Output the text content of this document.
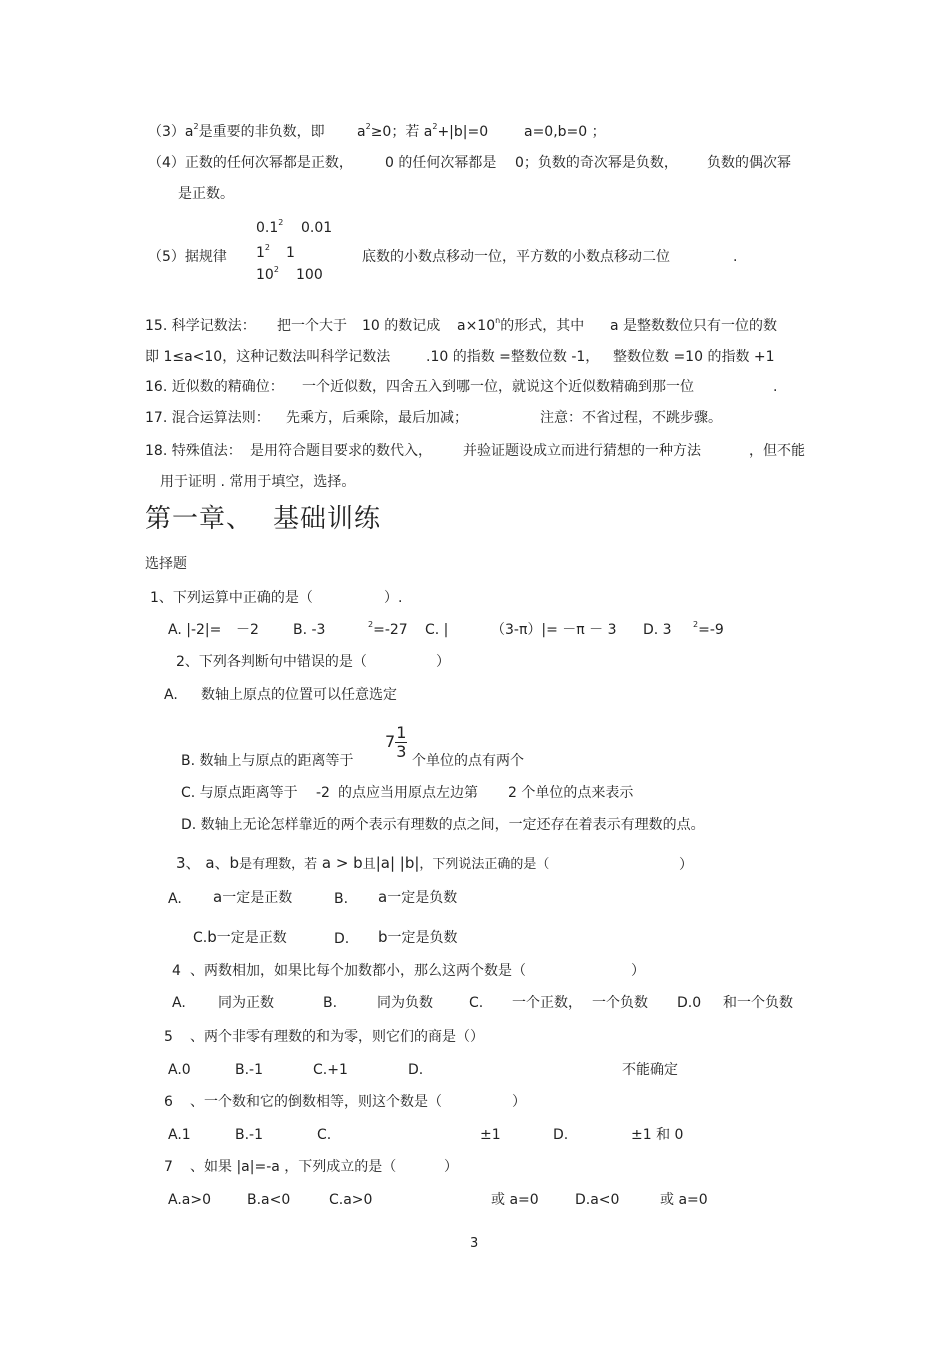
$(3)a^2$是重要的非负数，即 $a^2\ge 0$；若 $a^2+|b|=0$	a=0,b=0 ；
（4）正数的任何次幂都是正数， 0 的任何次幂都是 0；负数的奇次幂是负数， 负数的偶次幂
是正数。
$0.1^2$ 0.01
$1^2$ 1
$10^2$ 100
（5）据规律	底数的小数点移动一位，平方数的小数点移动二位	.
15. 科学记数法： 把一个大于 10 的数记成 $a\times 10^n$的形式，其中 a 是整数数位只有一位的数
即 1≤a<10，这种记数法叫科学记数法	.10 的指数 =整数位数 -1， 整数位数 =10 的指数 +1
16. 近似数的精确位： 一个近似数，四舍五入到哪一位，就说这个近似数精确到那一位	.
17. 混合运算法则： 先乘方，后乘除，最后加减；	注意：不省过程，不跳步骤。
18. 特殊值法： 是用符合题目要求的数代入， 并验证题设成立而进行猜想的一种方法	，但不能
用于证明 . 常用于填空，选择。
第一章、 基础训练
选择题
1、下列运算中正确的是（	）.
A. |-2|= －2 B. -3	$^2$=-27 C. |	（3-π）|= －π － 3 D. 3	$^2$=-9
2、下列各判断句中错误的是（	）
A. 数轴上原点的位置可以任意选定
B. 数轴上与原点的距离等于
$7 \frac{1}{3}$ 个单位的点有两个
C. 与原点距离等于 -2 的点应当用原点左边第 2 个单位的点来表示
D. 数轴上无论怎样靠近的两个表示有理数的点之间，一定还存在着表示有理数的点。
3、 a、b是有理数，若 a > b且|a| |b|，下列说法正确的是（	）
A. a一定是正数	B. a一定是负数
C.b一定是正数	D. b一定是负数
4 、两数相加，如果比每个加数都小，那么这两个数是（	）
A. 同为正数	B.	同为负数	C. 一个正数， 一个负数 D.0 和一个负数
5 、两个非零有理数的和为零，则它们的商是（）
A.0	B.-1	C.+1	D.	不能确定
6 、一个数和它的倒数相等，则这个数是（	）
A.1	B.-1	C.	±1	D.	±1 和 0
7 、如果 |a|=-a ，下列成立的是（	）
A.a>0	B.a<0	C.a>0	或 a=0	D.a<0	或 a=0
3
